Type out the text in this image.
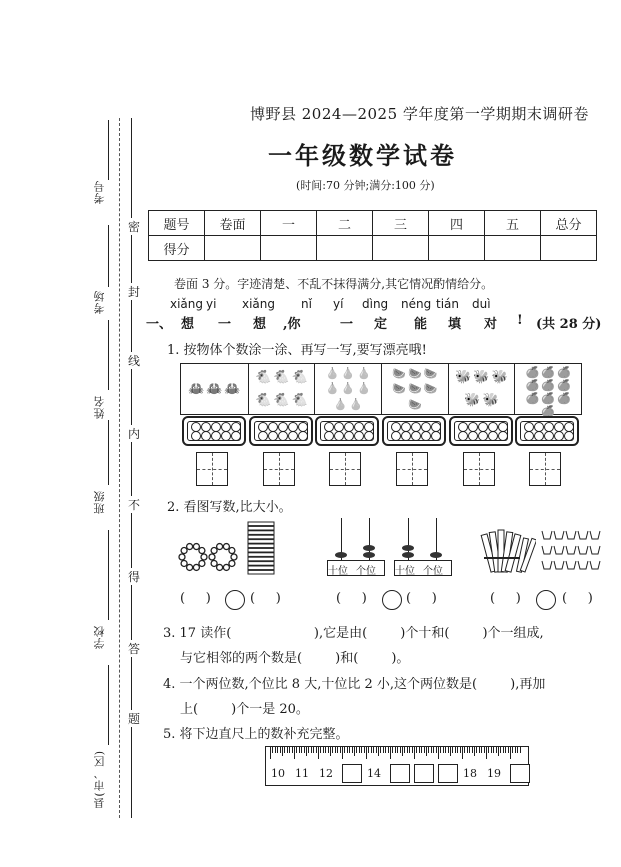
考号
考场
姓名
班级
学校
县(市、区)
密
封
线
内
不
得
答
题
博野县 2024—2025 学年度第一学期期末调研卷
一年级数学试卷
(时间:70 分钟;满分:100 分)
题号	卷面	一	二	三	四	五	总分
得分							
卷面 3 分。字迹清楚、不乱不抹得满分,其它情况酌情给分。
xiǎng yi xiǎng nǐ yí dìng néng tián duì
一、 想 一 想 ,你	一 定 能 填 对 ! (共 28 分)
1. 按物体个数涂一涂、再写一写,要写漂亮哦!
🦀 🦀 🦀
🐔 🐔 🐔
🐔 🐔 🐔
🍐 🍐 🍐
🍐 🍐 🍐
🍐 🍐
🍉 🍉 🍉
🍉 🍉 🍉
🍉
🐝 🐝 🐝
🐝 🐝
🍊 🍊 🍊
🍊 🍊 🍊
🍊 🍊 🍊
🍊
2. 看图写数,比大小。
十位 个位 十位 个位
(     )	(     )	(     )	(     )	(     )	(     )
3. 17 读作(                    ),它是由(        )个十和(        )个一组成,
与它相邻的两个数是(        )和(        )。
4. 一个两位数,个位比 8 大,十位比 2 小,这个两位数是(        ),再加
上(        )个一是 20。
5. 将下边直尺上的数补充完整。
10 11 12	14	18 19
